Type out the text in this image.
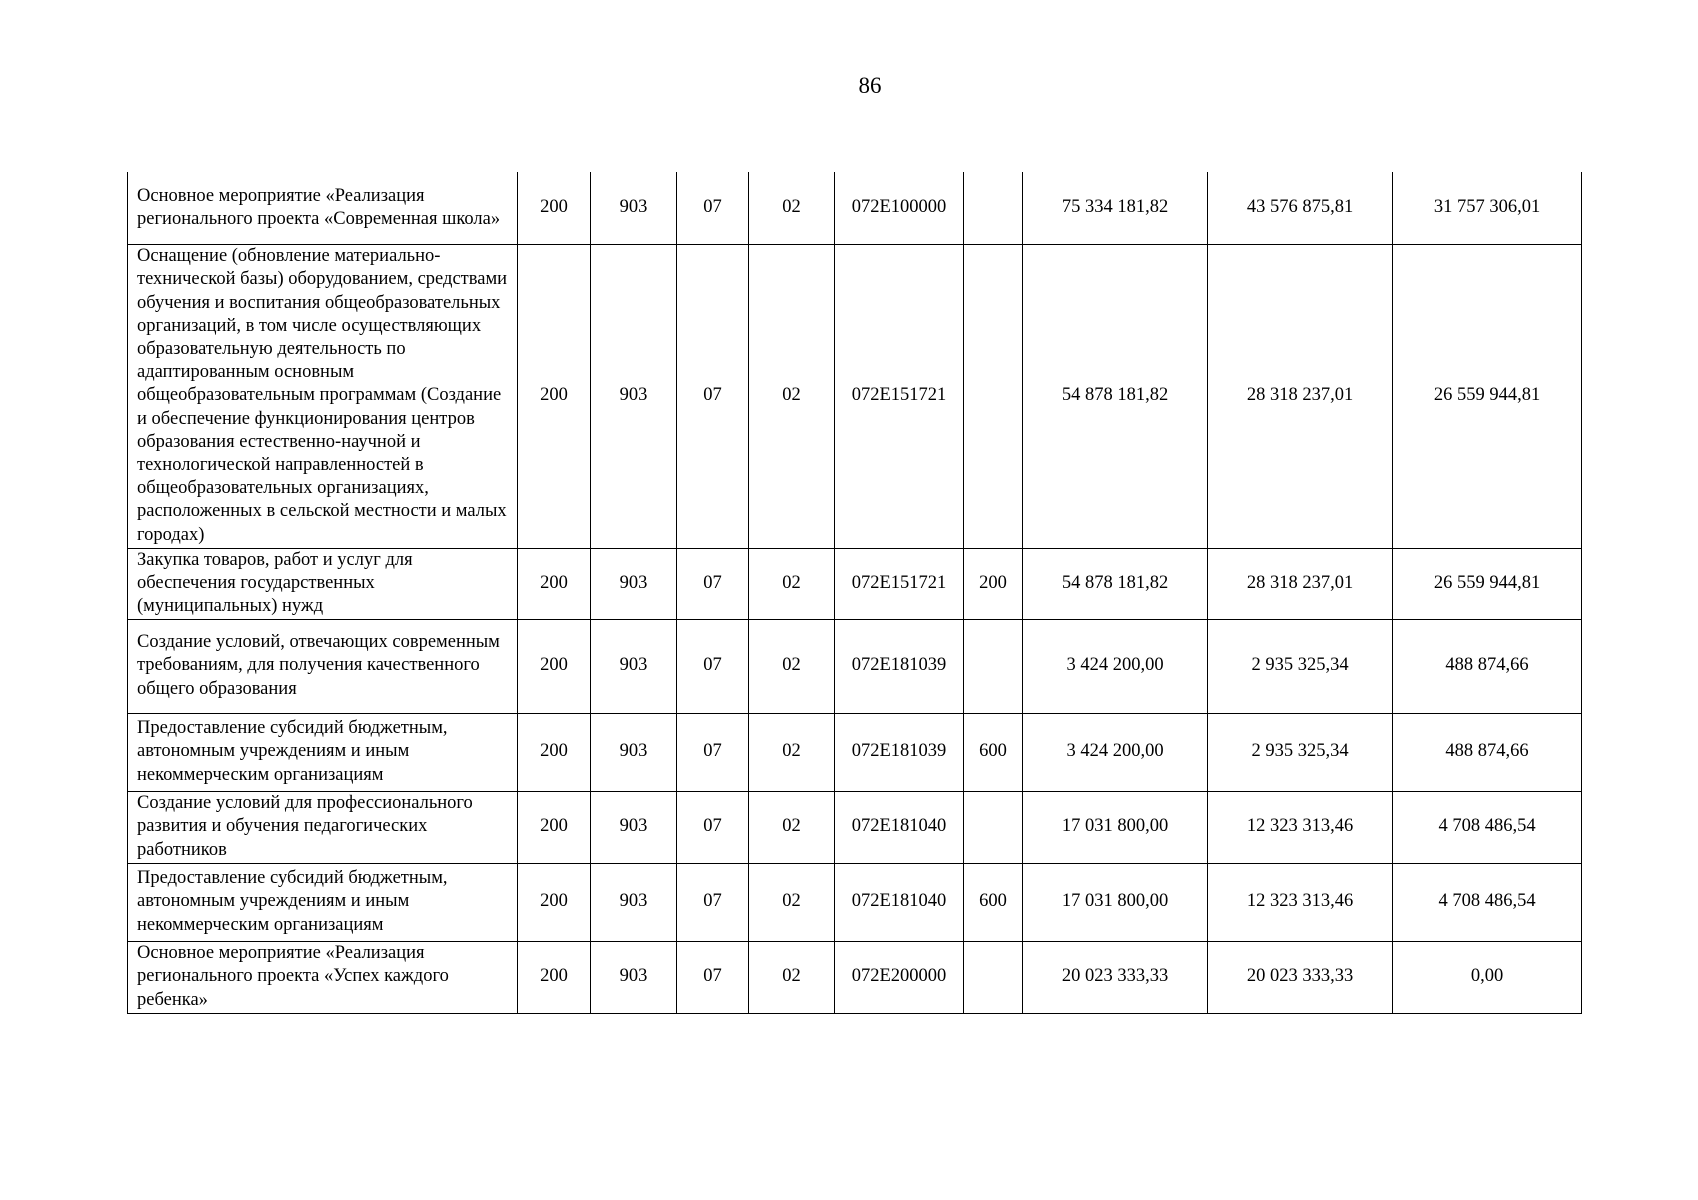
86
Основное мероприятие «Реализация регионального проекта «Современная школа»	200	903	07	02	072Е100000		75 334 181,82	43 576 875,81	31 757 306,01
Оснащение (обновление материально-технической базы) оборудованием, средствами обучения и воспитания общеобразовательных организаций, в том числе осуществляющих образовательную деятельность по адаптированным основным общеобразовательным программам (Создание и обеспечение функционирования центров образования естественно-научной и технологической направленностей в общеобразовательных организациях, расположенных в сельской местности и малых городах)	200	903	07	02	072Е151721		54 878 181,82	28 318 237,01	26 559 944,81
Закупка товаров, работ и услуг для обеспечения государственных (муниципальных) нужд	200	903	07	02	072Е151721	200	54 878 181,82	28 318 237,01	26 559 944,81
Создание условий, отвечающих современным требованиям, для получения качественного общего образования	200	903	07	02	072Е181039		3 424 200,00	2 935 325,34	488 874,66
Предоставление субсидий бюджетным, автономным учреждениям и иным некоммерческим организациям	200	903	07	02	072Е181039	600	3 424 200,00	2 935 325,34	488 874,66
Создание условий для профессионального развития и обучения педагогических работников	200	903	07	02	072Е181040		17 031 800,00	12 323 313,46	4 708 486,54
Предоставление субсидий бюджетным, автономным учреждениям и иным некоммерческим организациям	200	903	07	02	072Е181040	600	17 031 800,00	12 323 313,46	4 708 486,54
Основное мероприятие «Реализация регионального проекта «Успех каждого ребенка»	200	903	07	02	072Е200000		20 023 333,33	20 023 333,33	0,00
